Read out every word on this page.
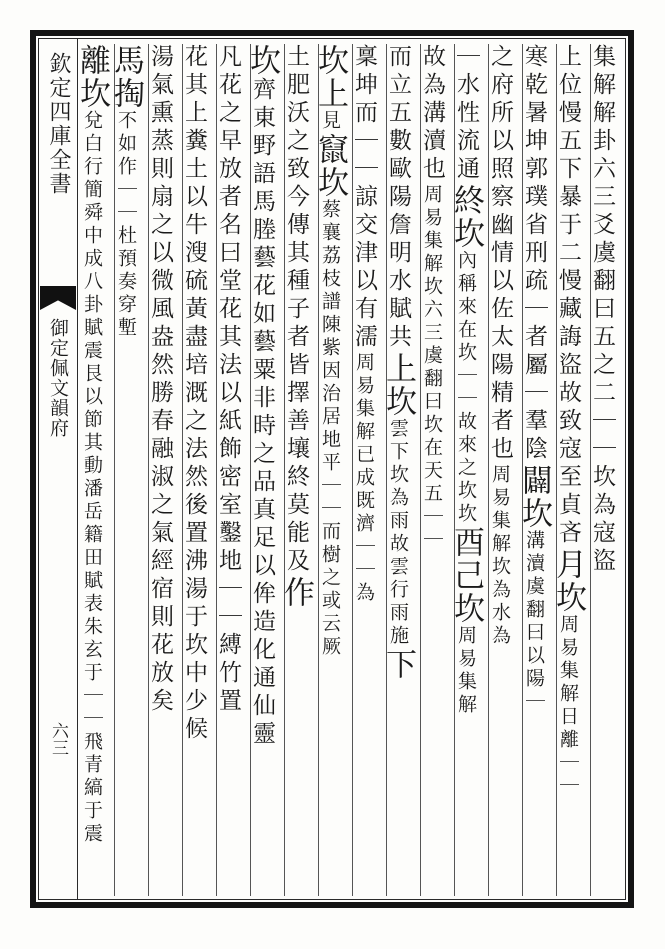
欽定四庫全書
御定佩文韻府
六三
集解解卦六三爻虞翻曰五之二｜｜坎為寇盜
上位慢五下暴于二慢藏誨盜故致寇至貞吝月坎周易集解日離｜｜
寒乾暑坤郭璞省刑疏｜者屬｜羣陰闢坎溝瀆虞翻曰以陽｜
之府所以照察幽情以佐太陽精者也周易集解坎為水為
｜水性流通終坎內稱來在坎｜｜故來之坎坎酉己坎周易集解
故為溝瀆也周易集解坎六三虞翻曰坎在天五｜｜
而立五數歐陽詹明水賦共上坎雲下坎為雨故雲行雨施下
稟坤而｜｜諒交津以有濡周易集解已成既濟｜｜為
坎上見竄坎蔡襄荔枝譜陳紫因治居地平｜｜而樹之或云厥
土肥沃之致今傳其種子者皆擇善壤終莫能及作
坎齊東野語馬塍藝花如藝粟非時之品真足以侔造化通仙靈
凡花之早放者名曰堂花其法以紙飾密室鑿地｜｜縛竹置
花其上糞土以牛溲硫黃盡培溉之法然後置沸湯于坎中少候
湯氣熏蒸則扇之以微風盎然勝春融淑之氣經宿則花放矣
馬掏不如作｜｜杜預奏穿塹
離坎兌白行簡舜中成八卦賦震艮以節其動潘岳籍田賦表朱玄于｜｜飛青縞于震
